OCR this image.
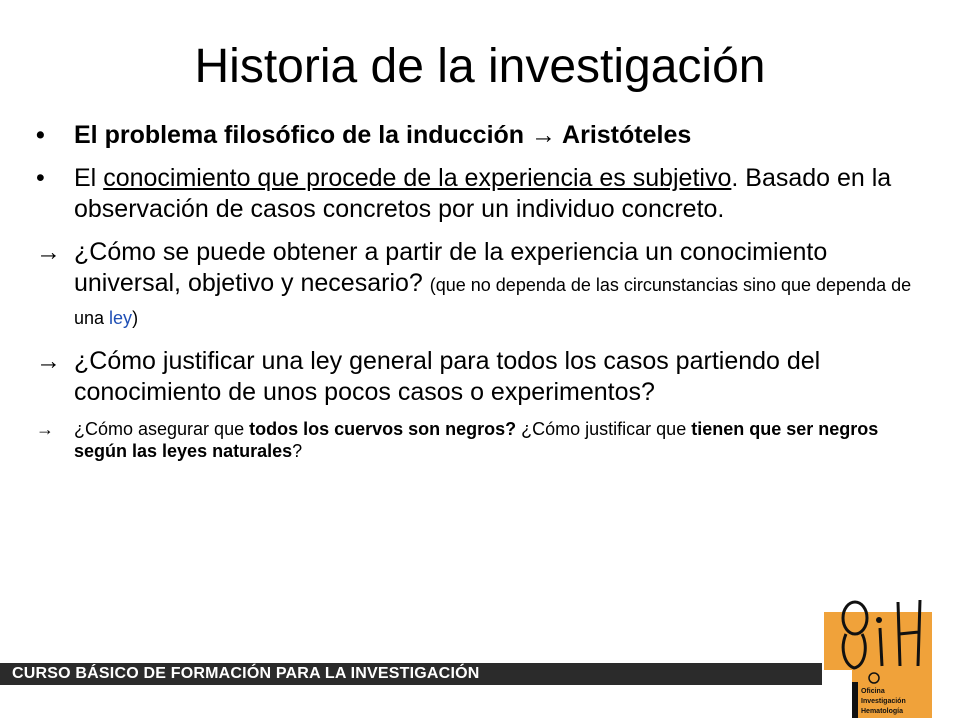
Historia de la investigación
•	El problema filosófico de la inducción → Aristóteles
•	El conocimiento que procede de la experiencia es subjetivo. Basado en la observación de casos concretos por un individuo concreto.
→ ¿Cómo se puede obtener a partir de la experiencia un conocimiento universal, objetivo y necesario? (que no dependa de las circunstancias sino que dependa de una ley)
→ ¿Cómo justificar una ley general para todos los casos partiendo del conocimiento de unos pocos casos o experimentos?
→	¿Cómo asegurar que todos los cuervos son negros? ¿Cómo justificar que tienen que ser negros según las leyes naturales?
CURSO BÁSICO DE FORMACIÓN PARA LA INVESTIGACIÓN
Oficina
Investigación
Hematología
